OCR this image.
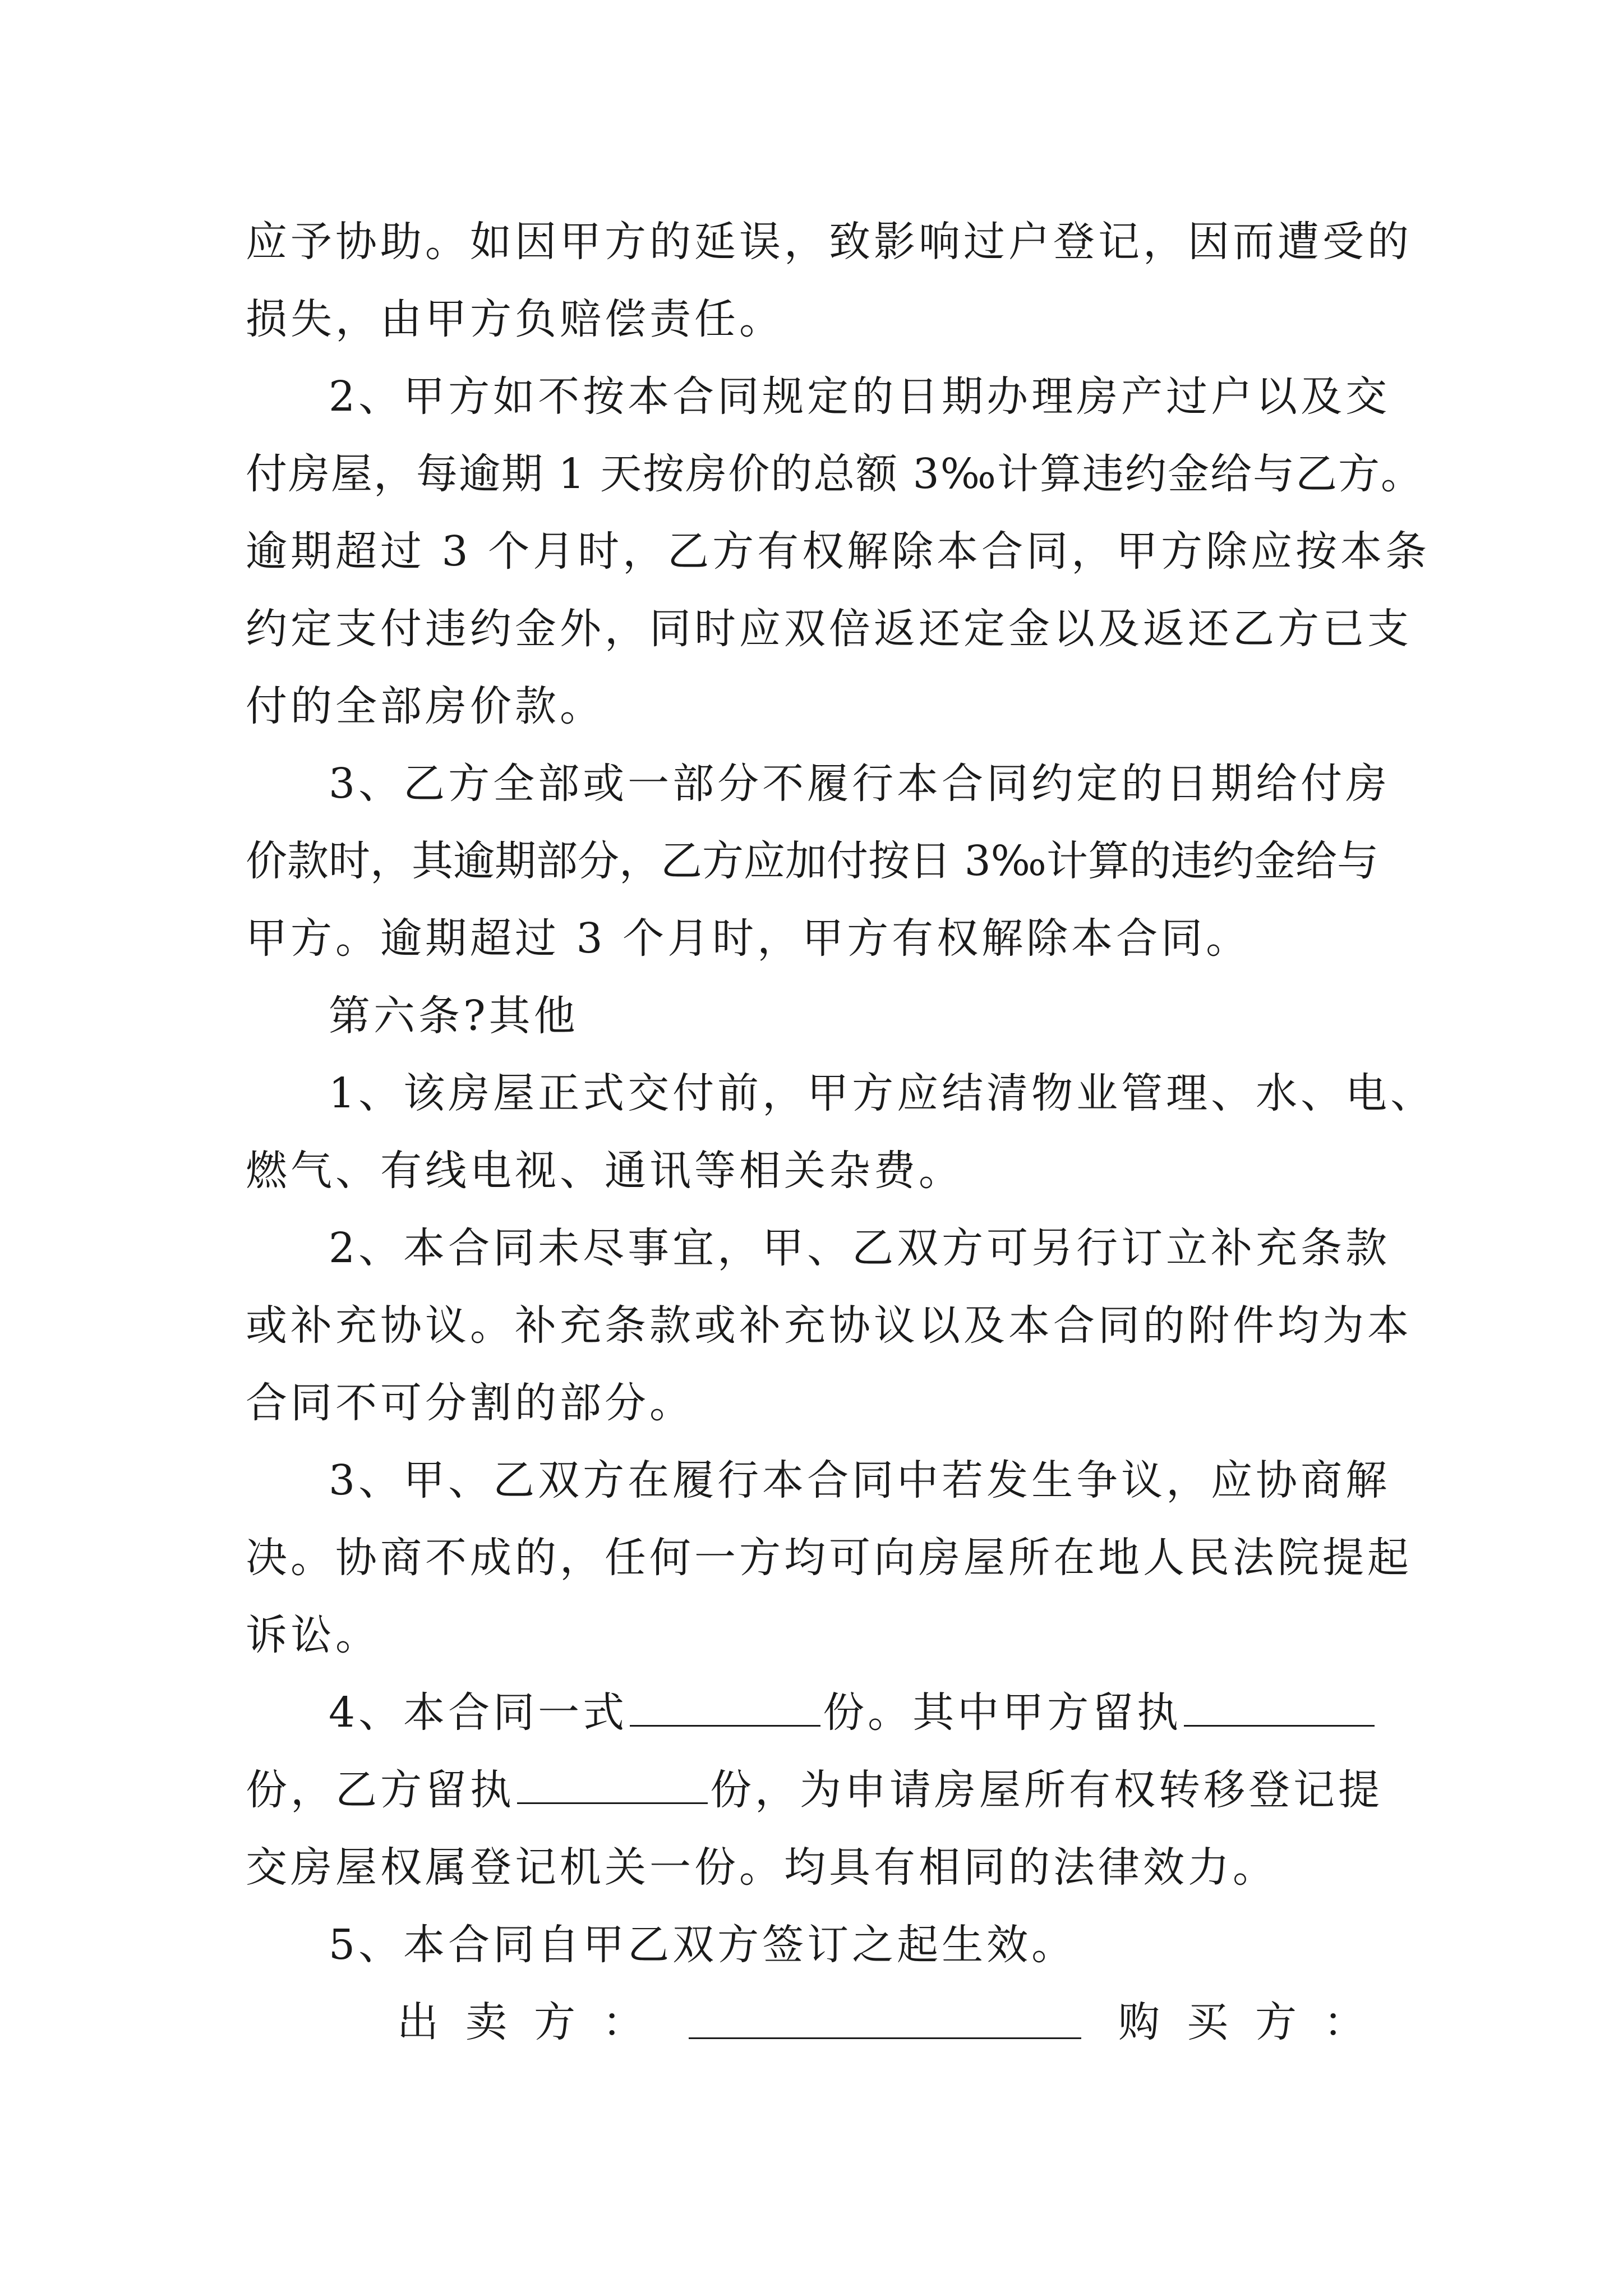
应予协助。如因甲方的延误，致影响过户登记，因而遭受的
损失，由甲方负赔偿责任。
2、甲方如不按本合同规定的日期办理房产过户以及交
付房屋，每逾期 1 天按房价的总额 3‰计算违约金给与乙方。
逾期超过 3 个月时，乙方有权解除本合同，甲方除应按本条
约定支付违约金外，同时应双倍返还定金以及返还乙方已支
付的全部房价款。
3、乙方全部或一部分不履行本合同约定的日期给付房
价款时，其逾期部分，乙方应加付按日 3‰计算的违约金给与
甲方。逾期超过 3 个月时，甲方有权解除本合同。
第六条?其他
1、该房屋正式交付前，甲方应结清物业管理、水、电、
燃气、有线电视、通讯等相关杂费。
2、本合同未尽事宜，甲、乙双方可另行订立补充条款
或补充协议。补充条款或补充协议以及本合同的附件均为本
合同不可分割的部分。
3、甲、乙双方在履行本合同中若发生争议，应协商解
决。协商不成的，任何一方均可向房屋所在地人民法院提起
诉讼。
4、本合同一式	份。其中甲方留执
份，乙方留执	份，为申请房屋所有权转移登记提
交房屋权属登记机关一份。均具有相同的法律效力。
5、本合同自甲乙双方签订之起生效。
出卖方：	购买方：
